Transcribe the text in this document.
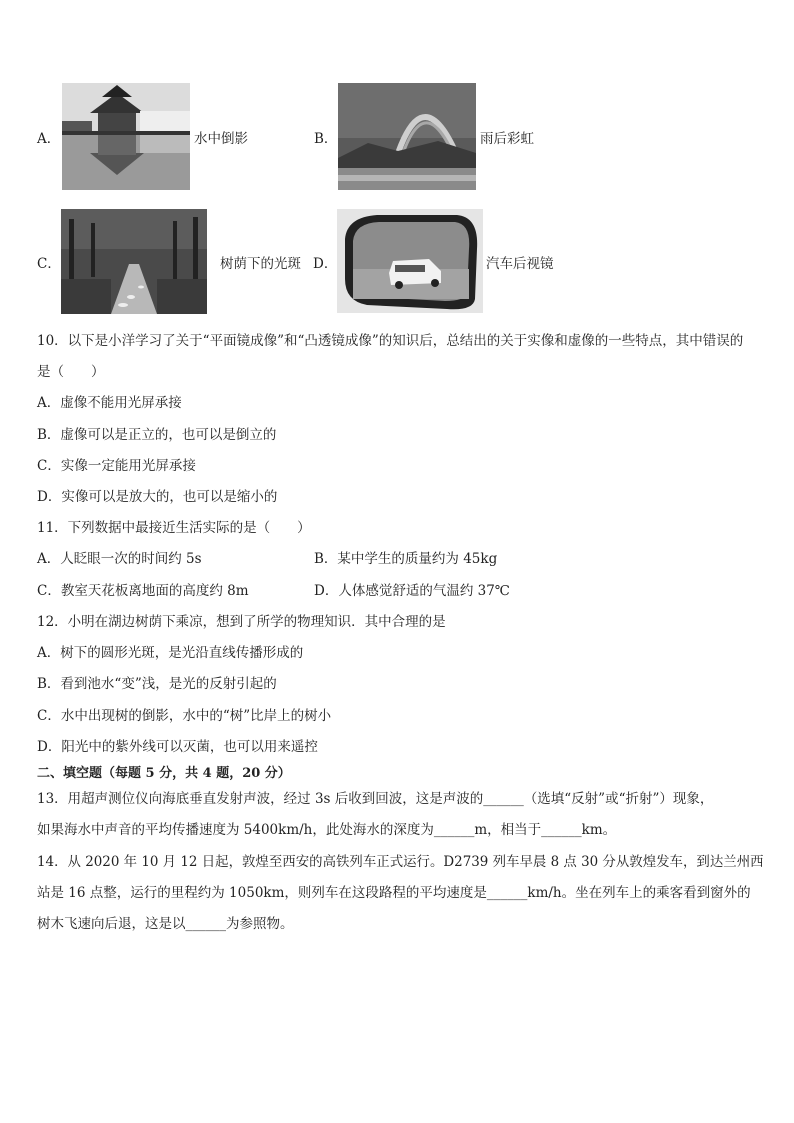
A．	水中倒影	B．	雨后彩虹
C．	树荫下的光斑 D．	汽车后视镜
10．以下是小洋学习了关于“平面镜成像”和“凸透镜成像”的知识后，总结出的关于实像和虚像的一些特点，其中错误的
是（　　）
A．虚像不能用光屏承接
B．虚像可以是正立的，也可以是倒立的
C．实像一定能用光屏承接
D．实像可以是放大的，也可以是缩小的
11．下列数据中最接近生活实际的是（　　）
A．人眨眼一次的时间约 5s	B．某中学生的质量约为 45kg
C．教室天花板离地面的高度约 8m	D．人体感觉舒适的气温约 37℃
12．小明在湖边树荫下乘凉，想到了所学的物理知识．其中合理的是
A．树下的圆形光斑，是光沿直线传播形成的
B．看到池水“变”浅，是光的反射引起的
C．水中出现树的倒影，水中的“树”比岸上的树小
D．阳光中的紫外线可以灭菌，也可以用来遥控
二、填空题（每题 5 分，共 4 题，20 分）
13．用超声测位仪向海底垂直发射声波，经过 3s 后收到回波，这是声波的______（选填“反射”或“折射”）现象，
如果海水中声音的平均传播速度为 5400km/h，此处海水的深度为______m，相当于______km。
14．从 2020 年 10 月 12 日起，敦煌至西安的高铁列车正式运行。D2739 列车早晨 8 点 30 分从敦煌发车，到达兰州西
站是 16 点整，运行的里程约为 1050km，则列车在这段路程的平均速度是______km/h。坐在列车上的乘客看到窗外的
树木飞速向后退，这是以______为参照物。
